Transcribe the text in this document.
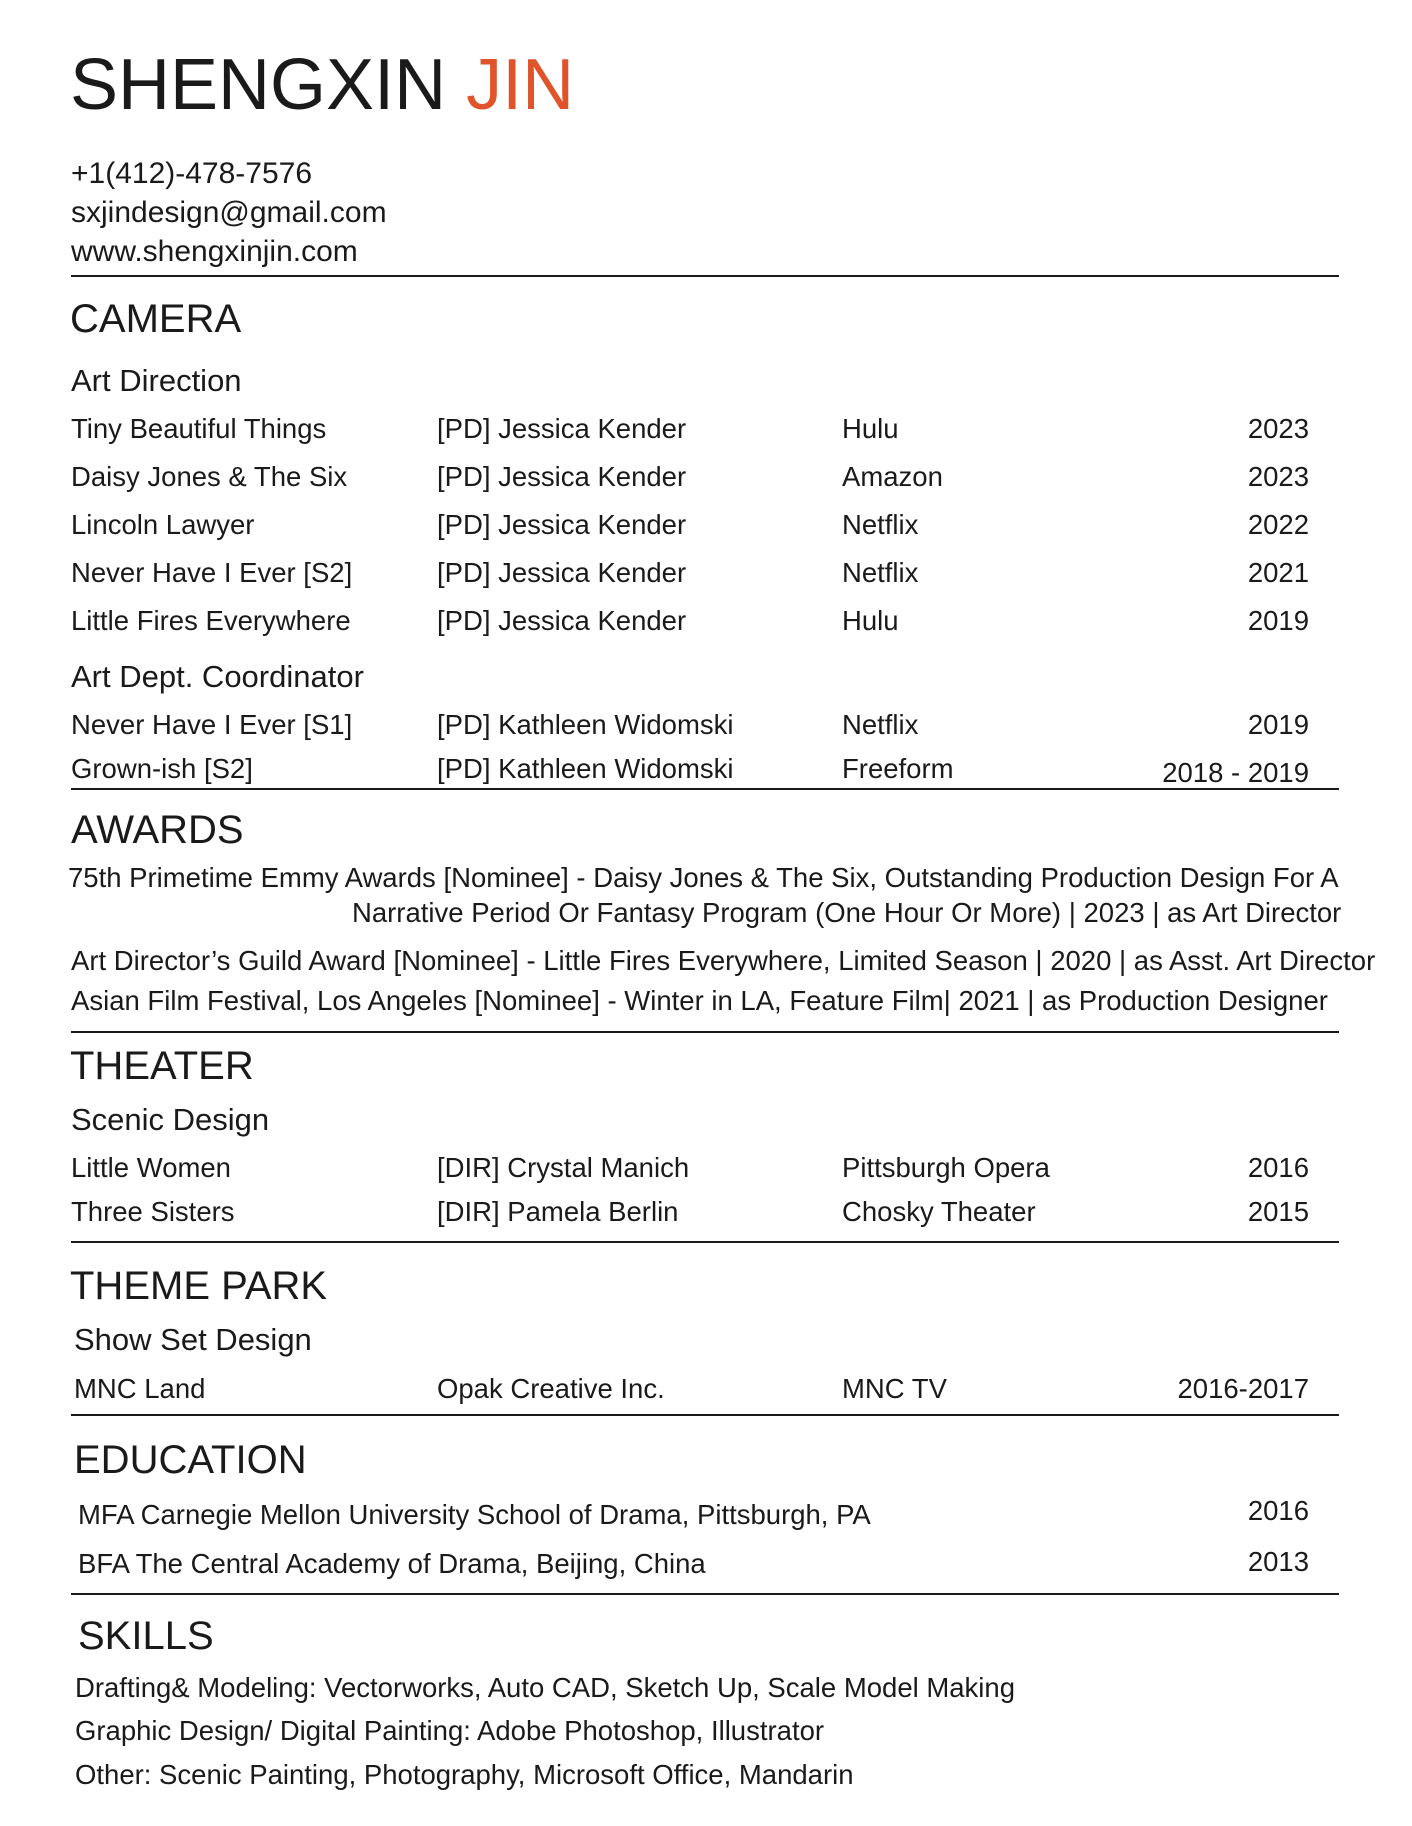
SHENGXIN JIN
+1(412)-478-7576
sxjindesign@gmail.com
www.shengxinjin.com
CAMERA
Art Direction
Tiny Beautiful Things	[PD] Jessica Kender	Hulu	2023
Daisy Jones & The Six	[PD] Jessica Kender	Amazon	2023
Lincoln Lawyer	[PD] Jessica Kender	Netflix	2022
Never Have I Ever [S2]	[PD] Jessica Kender	Netflix	2021
Little Fires Everywhere	[PD] Jessica Kender	Hulu	2019
Art Dept. Coordinator
Never Have I Ever [S1]	[PD] Kathleen Widomski	Netflix	2019
Grown-ish [S2]	[PD] Kathleen Widomski	Freeform	2018 - 2019
AWARDS
75th Primetime Emmy Awards [Nominee] - Daisy Jones & The Six, Outstanding Production Design For A
Narrative Period Or Fantasy Program (One Hour Or More) | 2023 | as Art Director
Art Director’s Guild Award [Nominee] - Little Fires Everywhere, Limited Season | 2020 | as Asst. Art Director
Asian Film Festival, Los Angeles [Nominee] - Winter in LA, Feature Film| 2021 | as Production Designer
THEATER
Scenic Design
Little Women	[DIR] Crystal Manich	Pittsburgh Opera	2016
Three Sisters	[DIR] Pamela Berlin	Chosky Theater	2015
THEME PARK
Show Set Design
MNC Land	Opak Creative Inc.	MNC TV	2016-2017
EDUCATION
MFA Carnegie Mellon University School of Drama, Pittsburgh, PA	2016
BFA The Central Academy of Drama, Beijing, China	2013
SKILLS
Drafting& Modeling: Vectorworks, Auto CAD, Sketch Up, Scale Model Making
Graphic Design/ Digital Painting: Adobe Photoshop, Illustrator
Other: Scenic Painting, Photography, Microsoft Office, Mandarin
